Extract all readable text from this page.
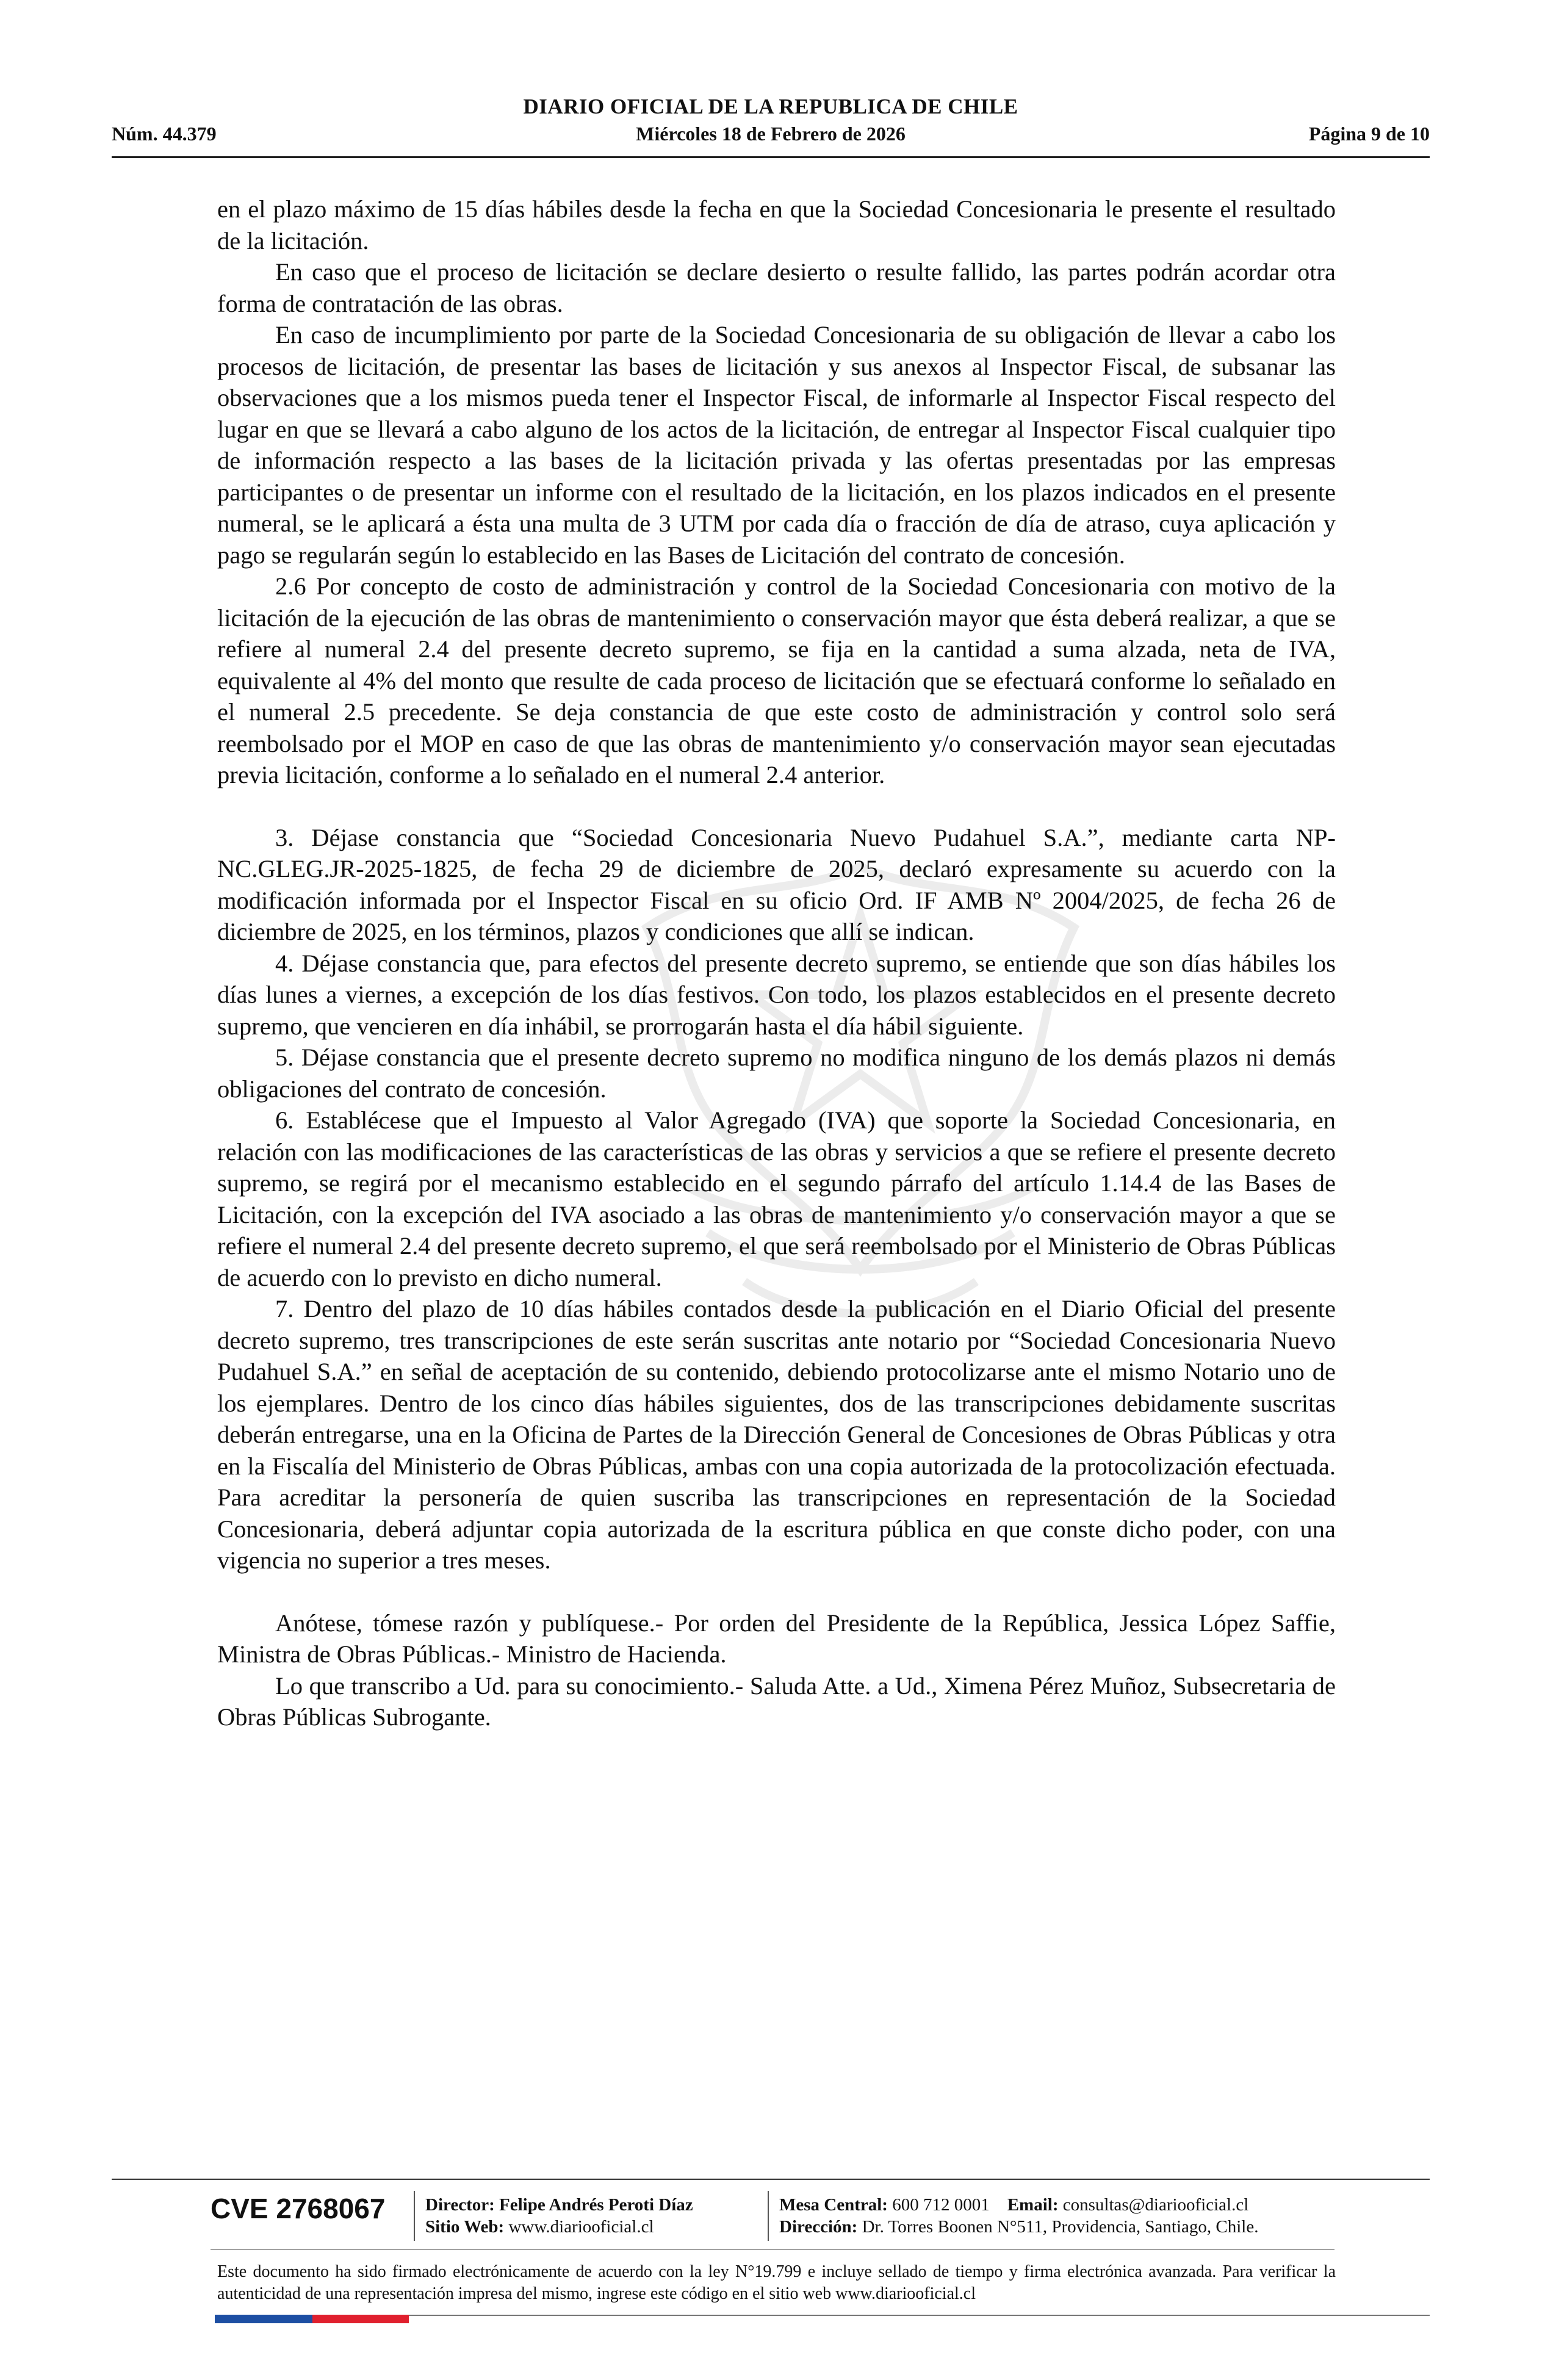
Núm. 44.379
DIARIO OFICIAL DE LA REPUBLICA DE CHILE
Miércoles 18 de Febrero de 2026	Página 9 de 10

en el plazo máximo de 15 días hábiles desde la fecha en que la Sociedad Concesionaria le presente el resultado de la licitación.

En caso que el proceso de licitación se declare desierto o resulte fallido, las partes podrán acordar otra forma de contratación de las obras.

En caso de incumplimiento por parte de la Sociedad Concesionaria de su obligación de llevar a cabo los procesos de licitación, de presentar las bases de licitación y sus anexos al Inspector Fiscal, de subsanar las observaciones que a los mismos pueda tener el Inspector Fiscal, de informarle al Inspector Fiscal respecto del lugar en que se llevará a cabo alguno de los actos de la licitación, de entregar al Inspector Fiscal cualquier tipo de información respecto a las bases de la licitación privada y las ofertas presentadas por las empresas participantes o de presentar un informe con el resultado de la licitación, en los plazos indicados en el presente numeral, se le aplicará a ésta una multa de 3 UTM por cada día o fracción de día de atraso, cuya aplicación y pago se regularán según lo establecido en las Bases de Licitación del contrato de concesión.

2.6 Por concepto de costo de administración y control de la Sociedad Concesionaria con motivo de la licitación de la ejecución de las obras de mantenimiento o conservación mayor que ésta deberá realizar, a que se refiere al numeral 2.4 del presente decreto supremo, se fija en la cantidad a suma alzada, neta de IVA, equivalente al 4% del monto que resulte de cada proceso de licitación que se efectuará conforme lo señalado en el numeral 2.5 precedente. Se deja constancia de que este costo de administración y control solo será reembolsado por el MOP en caso de que las obras de mantenimiento y/o conservación mayor sean ejecutadas previa licitación, conforme a lo señalado en el numeral 2.4 anterior.

3. Déjase constancia que “Sociedad Concesionaria Nuevo Pudahuel S.A.”, mediante carta NP-NC.GLEG.JR-2025-1825, de fecha 29 de diciembre de 2025, declaró expresamente su acuerdo con la modificación informada por el Inspector Fiscal en su oficio Ord. IF AMB Nº 2004/2025, de fecha 26 de diciembre de 2025, en los términos, plazos y condiciones que allí se indican.

4. Déjase constancia que, para efectos del presente decreto supremo, se entiende que son días hábiles los días lunes a viernes, a excepción de los días festivos. Con todo, los plazos establecidos en el presente decreto supremo, que vencieren en día inhábil, se prorrogarán hasta el día hábil siguiente.

5. Déjase constancia que el presente decreto supremo no modifica ninguno de los demás plazos ni demás obligaciones del contrato de concesión.

6. Establécese que el Impuesto al Valor Agregado (IVA) que soporte la Sociedad Concesionaria, en relación con las modificaciones de las características de las obras y servicios a que se refiere el presente decreto supremo, se regirá por el mecanismo establecido en el segundo párrafo del artículo 1.14.4 de las Bases de Licitación, con la excepción del IVA asociado a las obras de mantenimiento y/o conservación mayor a que se refiere el numeral 2.4 del presente decreto supremo, el que será reembolsado por el Ministerio de Obras Públicas de acuerdo con lo previsto en dicho numeral.

7. Dentro del plazo de 10 días hábiles contados desde la publicación en el Diario Oficial del presente decreto supremo, tres transcripciones de este serán suscritas ante notario por “Sociedad Concesionaria Nuevo Pudahuel S.A.” en señal de aceptación de su contenido, debiendo protocolizarse ante el mismo Notario uno de los ejemplares. Dentro de los cinco días hábiles siguientes, dos de las transcripciones debidamente suscritas deberán entregarse, una en la Oficina de Partes de la Dirección General de Concesiones de Obras Públicas y otra en la Fiscalía del Ministerio de Obras Públicas, ambas con una copia autorizada de la protocolización efectuada. Para acreditar la personería de quien suscriba las transcripciones en representación de la Sociedad Concesionaria, deberá adjuntar copia autorizada de la escritura pública en que conste dicho poder, con una vigencia no superior a tres meses.

Anótese, tómese razón y publíquese.- Por orden del Presidente de la República, Jessica López Saffie, Ministra de Obras Públicas.- Ministro de Hacienda.

Lo que transcribo a Ud. para su conocimiento.- Saluda Atte. a Ud., Ximena Pérez Muñoz, Subsecretaria de Obras Públicas Subrogante.

CVE 2768067 Director: Felipe Andrés Peroti Díaz
Sitio Web: www.diariooficial.cl
Mesa Central: 600 712 0001 Email: consultas@diariooficial.cl
Dirección: Dr. Torres Boonen N°511, Providencia, Santiago, Chile.
Este documento ha sido firmado electrónicamente de acuerdo con la ley N°19.799 e incluye sellado de tiempo y firma electrónica avanzada. Para verificar la autenticidad de una representación impresa del mismo, ingrese este código en el sitio web www.diariooficial.cl
